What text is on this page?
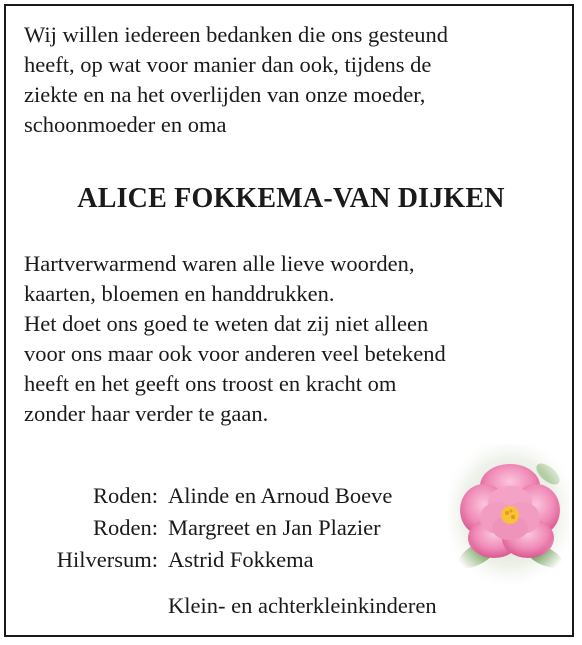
Wij willen iedereen bedanken die ons gesteund
heeft, op wat voor manier dan ook, tijdens de
ziekte en na het overlijden van onze moeder,
schoonmoeder en oma
ALICE FOKKEMA-VAN DIJKEN
Hartverwarmend waren alle lieve woorden,
kaarten, bloemen en handdrukken.
Het doet ons goed te weten dat zij niet alleen
voor ons maar ook voor anderen veel betekend
heeft en het geeft ons troost en kracht om
zonder haar verder te gaan.
Roden: Alinde en Arnoud Boeve
Roden: Margreet en Jan Plazier
Hilversum: Astrid Fokkema
Klein- en achterkleinkinderen
